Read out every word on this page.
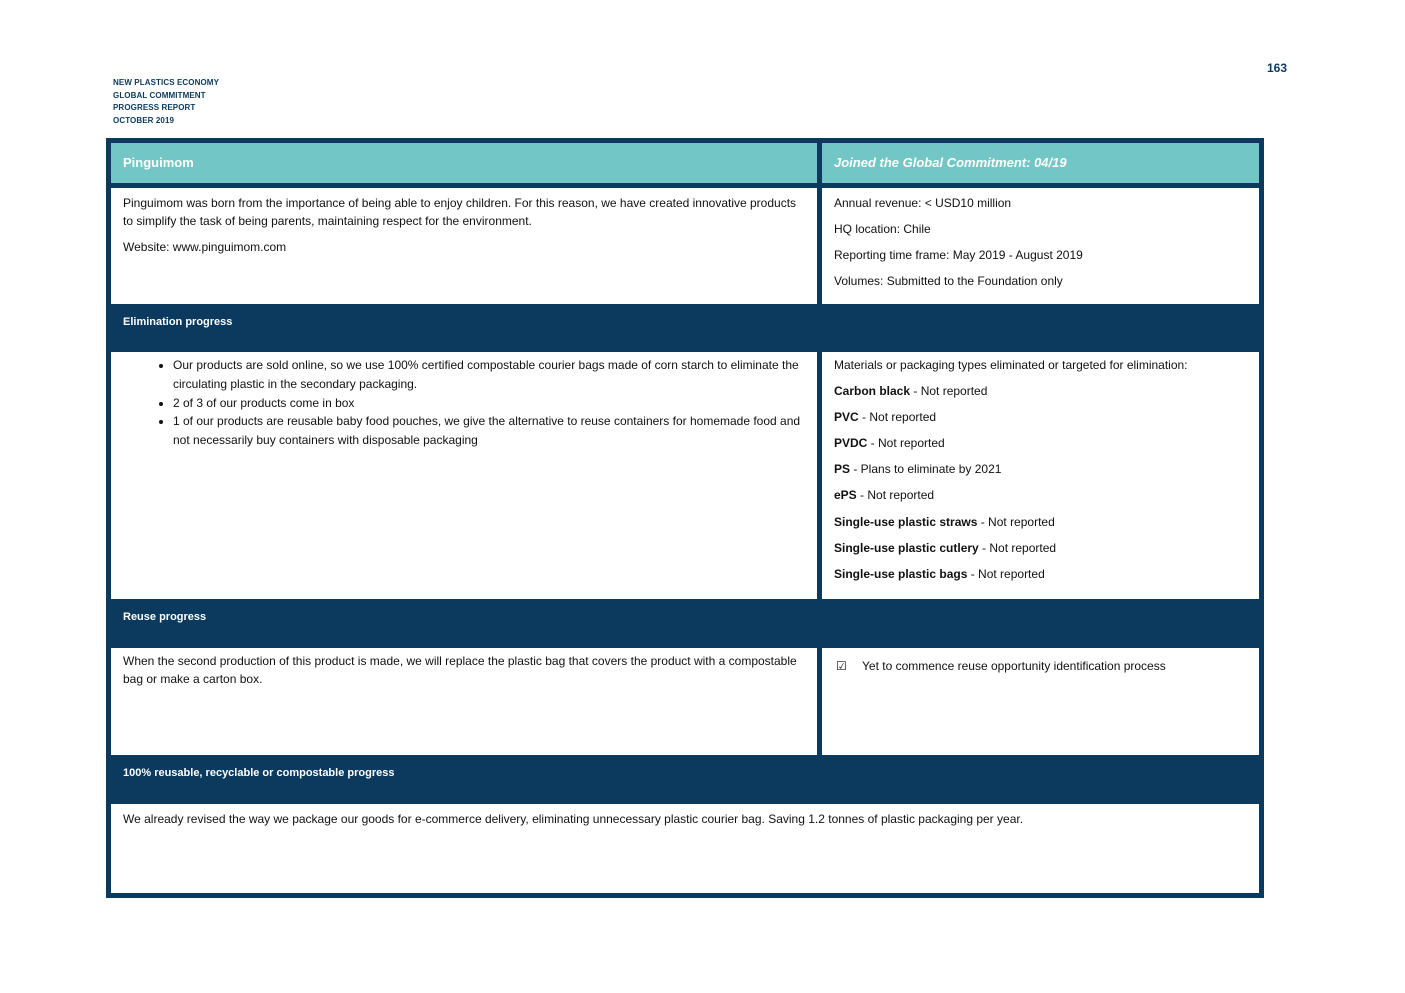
NEW PLASTICS ECONOMY
GLOBAL COMMITMENT
PROGRESS REPORT
OCTOBER 2019
163
Pinguimom	Joined the Global Commitment: 04/19

Pinguimom was born from the importance of being able to enjoy children. For this reason, we have created innovative products to simplify the task of being parents, maintaining respect for the environment.

Website: www.pinguimom.com

Annual revenue: < USD10 million
HQ location: Chile
Reporting time frame: May 2019 - August 2019
Volumes: Submitted to the Foundation only
Elimination progress
• Our products are sold online, so we use 100% certified compostable courier bags made of corn starch to eliminate the circulating plastic in the secondary packaging.
• 2 of 3 of our products come in box
• 1 of our products are reusable baby food pouches, we give the alternative to reuse containers for homemade food and not necessarily buy containers with disposable packaging
Materials or packaging types eliminated or targeted for elimination:
Carbon black - Not reported
PVC - Not reported
PVDC - Not reported
PS - Plans to eliminate by 2021
ePS - Not reported
Single-use plastic straws - Not reported
Single-use plastic cutlery - Not reported
Single-use plastic bags - Not reported
Reuse progress
When the second production of this product is made, we will replace the plastic bag that covers the product with a compostable bag or make a carton box.
☑ Yet to commence reuse opportunity identification process
100% reusable, recyclable or compostable progress
We already revised the way we package our goods for e-commerce delivery, eliminating unnecessary plastic courier bag. Saving 1.2 tonnes of plastic packaging per year.
